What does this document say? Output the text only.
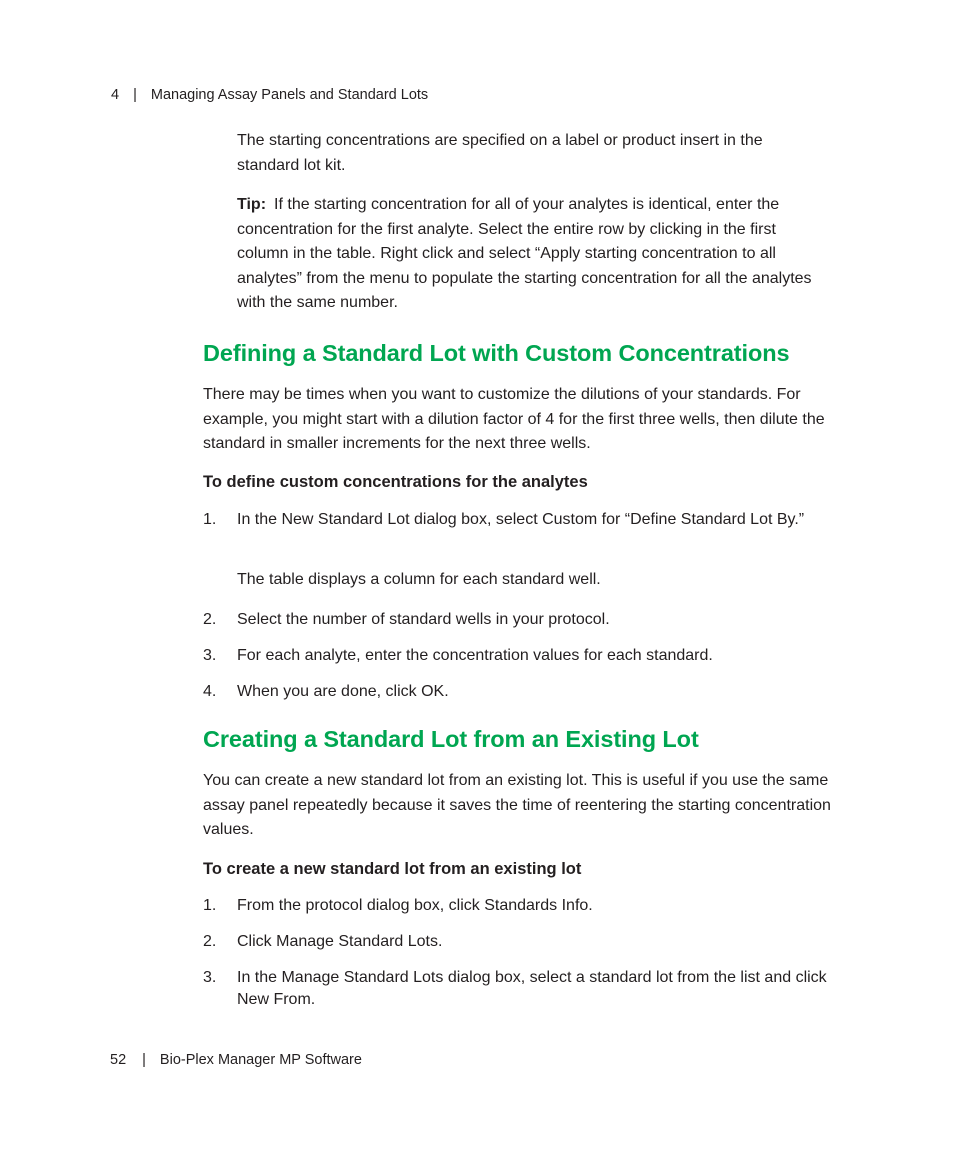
4 | Managing Assay Panels and Standard Lots
The starting concentrations are specified on a label or product insert in the standard lot kit.
Tip: If the starting concentration for all of your analytes is identical, enter the concentration for the first analyte. Select the entire row by clicking in the first column in the table. Right click and select “Apply starting concentration to all analytes” from the menu to populate the starting concentration for all the analytes with the same number.
Defining a Standard Lot with Custom Concentrations
There may be times when you want to customize the dilutions of your standards. For example, you might start with a dilution factor of 4 for the first three wells, then dilute the standard in smaller increments for the next three wells.
To define custom concentrations for the analytes
1.	In the New Standard Lot dialog box, select Custom for “Define Standard Lot By.”
The table displays a column for each standard well.
2.	Select the number of standard wells in your protocol.
3.	For each analyte, enter the concentration values for each standard.
4.	When you are done, click OK.
Creating a Standard Lot from an Existing Lot
You can create a new standard lot from an existing lot. This is useful if you use the same assay panel repeatedly because it saves the time of reentering the starting concentration values.
To create a new standard lot from an existing lot
1.	From the protocol dialog box, click Standards Info.
2.	Click Manage Standard Lots.
3.	In the Manage Standard Lots dialog box, select a standard lot from the list and click New From.
52 | Bio-Plex Manager MP Software
